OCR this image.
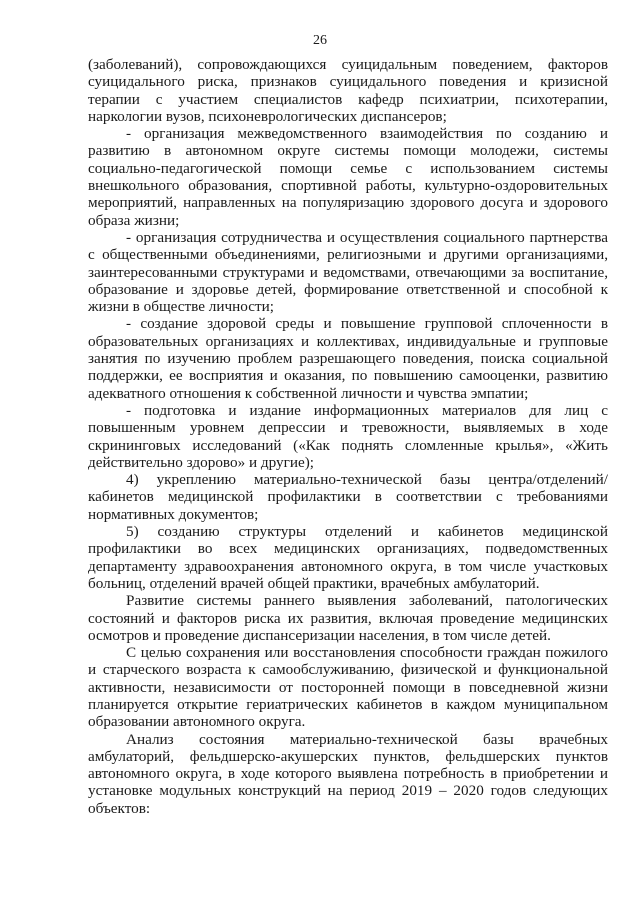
26

(заболеваний), сопровождающихся суицидальным поведением, факторов суицидального риска, признаков суицидального поведения и кризисной терапии с участием специалистов кафедр психиатрии, психотерапии, наркологии вузов, психоневрологических диспансеров;

- организация межведомственного взаимодействия по созданию и развитию в автономном округе системы помощи молодежи, системы социально-педагогической помощи семье с использованием системы внешкольного образования, спортивной работы, культурно-оздоровительных мероприятий, направленных на популяризацию здорового досуга и здорового образа жизни;

- организация сотрудничества и осуществления социального партнерства с общественными объединениями, религиозными и другими организациями, заинтересованными структурами и ведомствами, отвечающими за воспитание, образование и здоровье детей, формирование ответственной и способной к жизни в обществе личности;

- создание здоровой среды и повышение групповой сплоченности в образовательных организациях и коллективах, индивидуальные и групповые занятия по изучению проблем разрешающего поведения, поиска социальной поддержки, ее восприятия и оказания, по повышению самооценки, развитию адекватного отношения к собственной личности и чувства эмпатии;

- подготовка и издание информационных материалов для лиц с повышенным уровнем депрессии и тревожности, выявляемых в ходе скрининговых исследований («Как поднять сломленные крылья», «Жить действительно здорово» и другие);

4) укреплению материально-технической базы центра/отделений/ кабинетов медицинской профилактики в соответствии с требованиями нормативных документов;

5) созданию структуры отделений и кабинетов медицинской профилактики во всех медицинских организациях, подведомственных департаменту здравоохранения автономного округа, в том числе участковых больниц, отделений врачей общей практики, врачебных амбулаторий.

Развитие системы раннего выявления заболеваний, патологических состояний и факторов риска их развития, включая проведение медицинских осмотров и проведение диспансеризации населения, в том числе детей.

С целью сохранения или восстановления способности граждан пожилого и старческого возраста к самообслуживанию, физической и функциональной активности, независимости от посторонней помощи в повседневной жизни планируется открытие гериатрических кабинетов в каждом муниципальном образовании автономного округа.

Анализ состояния материально-технической базы врачебных амбулаторий, фельдшерско-акушерских пунктов, фельдшерских пунктов автономного округа, в ходе которого выявлена потребность в приобретении и установке модульных конструкций на период 2019 – 2020 годов следующих объектов:
